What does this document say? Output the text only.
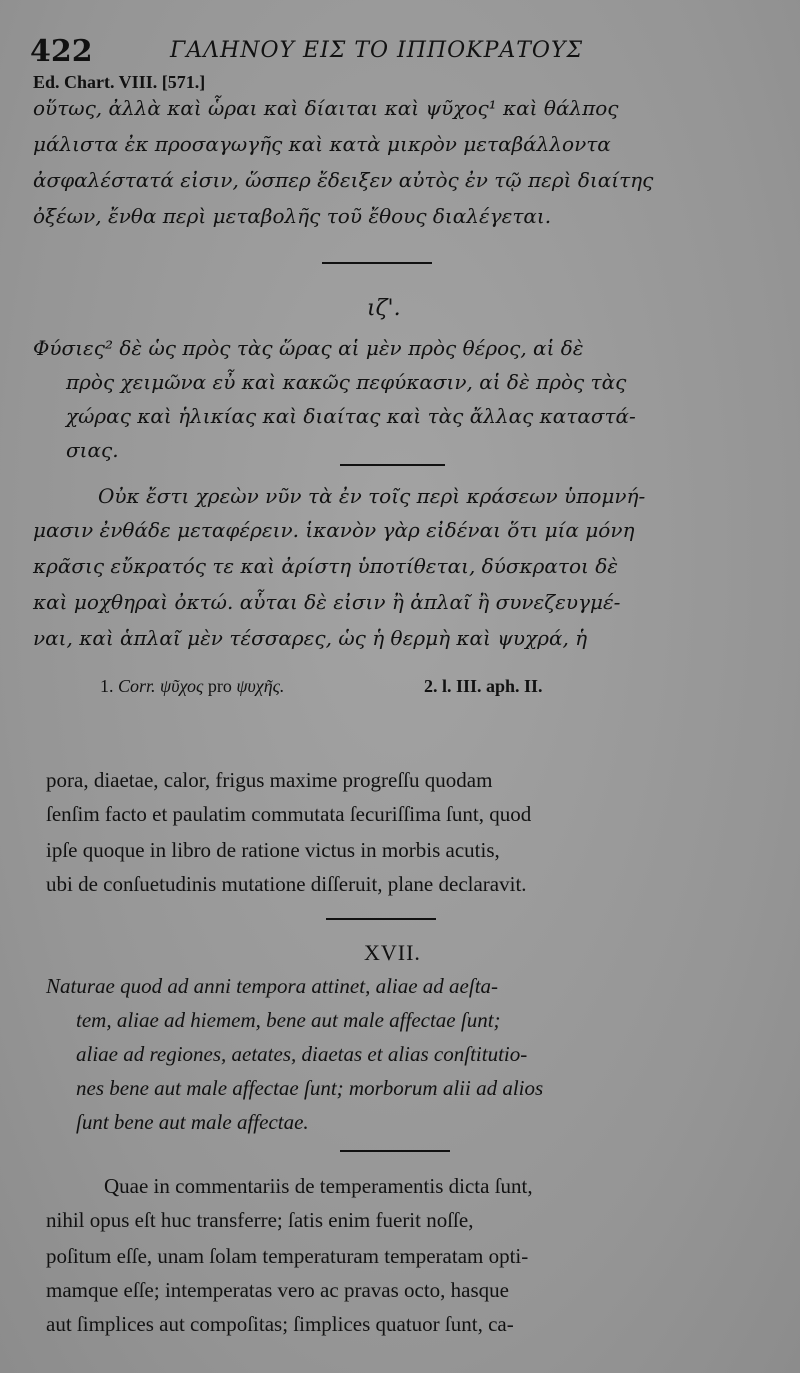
422	ΓΑΛΗΝΟΥ ΕΙΣ ΤΟ ΙΠΠΟΚΡΑΤΟΥΣ
Ed. Chart. VIII. [571.]
οὕτως, ἀλλὰ καὶ ὧραι καὶ δίαιται καὶ ψῦχος¹ καὶ θάλπος
μάλιστα ἐκ προσαγωγῆς καὶ κατὰ μικρὸν μεταβάλλοντα
ἀσφαλέστατά εἰσιν, ὥσπερ ἔδειξεν αὐτὸς ἐν τῷ περὶ διαίτης
ὀξέων, ἔνθα περὶ μεταβολῆς τοῦ ἔθους διαλέγεται.
ιζ'.
Φύσιες² δὲ ὡς πρὸς τὰς ὥρας αἱ μὲν πρὸς θέρος, αἱ δὲ
πρὸς χειμῶνα εὖ καὶ κακῶς πεφύκασιν, αἱ δὲ πρὸς τὰς
χώρας καὶ ἡλικίας καὶ διαίτας καὶ τὰς ἄλλας καταστά-
σιας.
Οὐκ ἔστι χρεὼν νῦν τὰ ἐν τοῖς περὶ κράσεων ὑπομνή-
μασιν ἐνθάδε μεταφέρειν. ἱκανὸν γὰρ εἰδέναι ὅτι μία μόνη
κρᾶσις εὔκρατός τε καὶ ἀρίστη ὑποτίθεται, δύσκρατοι δὲ
καὶ μοχθηραὶ ὀκτώ. αὗται δὲ εἰσιν ἢ ἁπλαῖ ἢ συνεζευγμέ-
ναι, καὶ ἁπλαῖ μὲν τέσσαρες, ὡς ἡ θερμὴ καὶ ψυχρά, ἡ
1. Corr. ψῦχος pro ψυχῆς.	2. l. III. aph. II.
pora, diaetae, calor, frigus maxime progreſſu quodam
ſenſim facto et paulatim commutata ſecuriſſima ſunt, quod
ipſe quoque in libro de ratione victus in morbis acutis,
ubi de conſuetudinis mutatione diſſeruit, plane declaravit.
XVII.
Naturae quod ad anni tempora attinet, aliae ad aeſta-
tem, aliae ad hiemem, bene aut male affectae ſunt;
aliae ad regiones, aetates, diaetas et alias conſtitutio-
nes bene aut male affectae ſunt; morborum alii ad alios
ſunt bene aut male affectae.
Quae in commentariis de temperamentis dicta ſunt,
nihil opus eſt huc transferre; ſatis enim fuerit noſſe,
poſitum eſſe, unam ſolam temperaturam temperatam opti-
mamque eſſe; intemperatas vero ac pravas octo, hasque
aut ſimplices aut compoſitas; ſimplices quatuor ſunt, ca-
